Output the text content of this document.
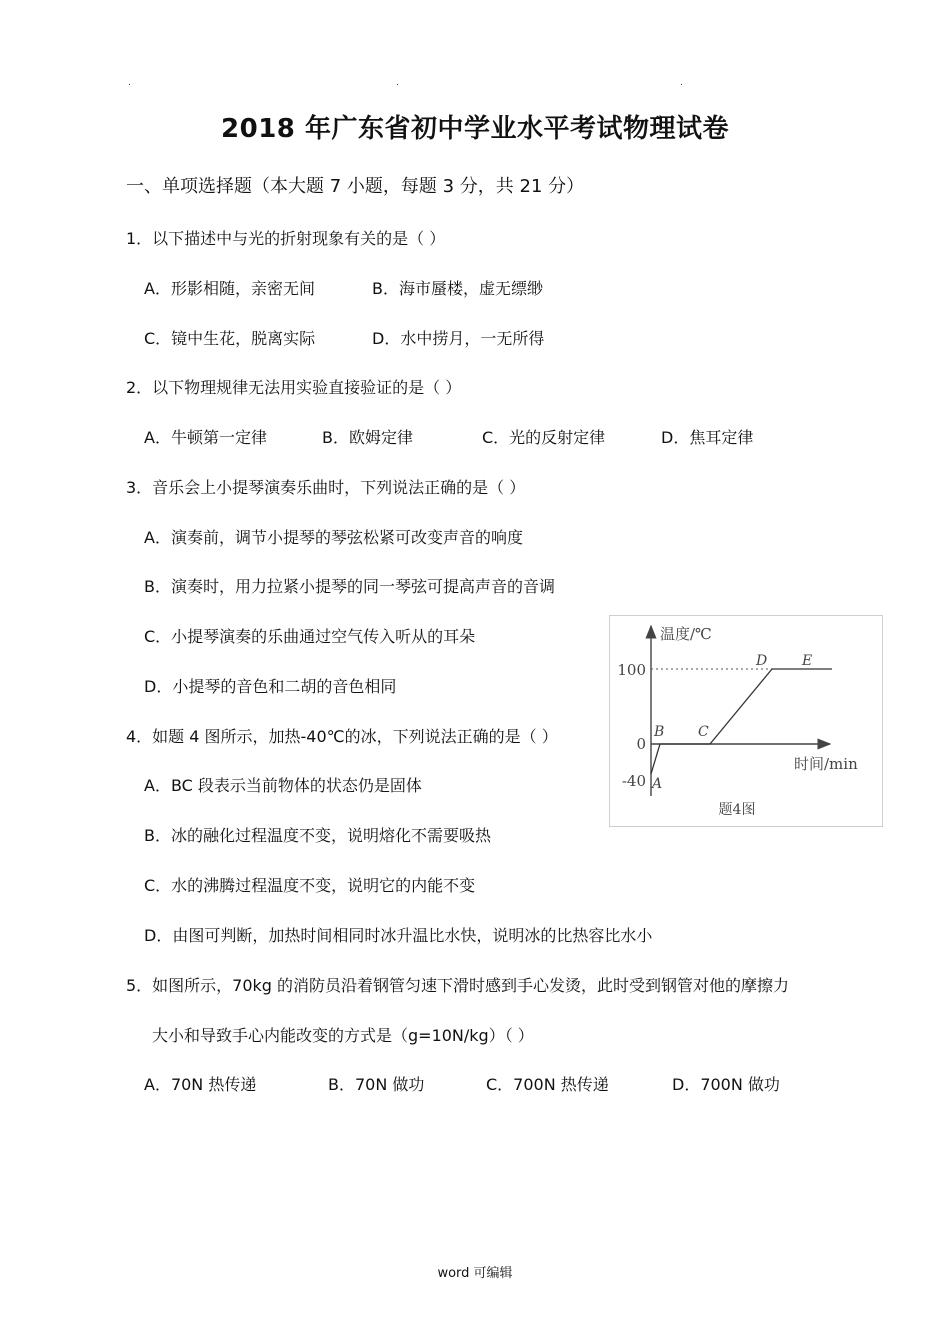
.	.	.
2018 年广东省初中学业水平考试物理试卷
一、单项选择题（本大题 7 小题，每题 3 分，共 21 分）
1．以下描述中与光的折射现象有关的是（ ）
A．形影相随，亲密无间	B．海市蜃楼，虚无缥缈
C．镜中生花，脱离实际	D．水中捞月，一无所得
2．以下物理规律无法用实验直接验证的是（ ）
A．牛顿第一定律	B．欧姆定律	C．光的反射定律	D．焦耳定律
3．音乐会上小提琴演奏乐曲时，下列说法正确的是（ ）
A．演奏前，调节小提琴的琴弦松紧可改变声音的响度
B．演奏时，用力拉紧小提琴的同一琴弦可提高声音的音调
C．小提琴演奏的乐曲通过空气传入听从的耳朵
D．小提琴的音色和二胡的音色相同
4．如题 4 图所示，加热-40℃的冰，下列说法正确的是（ ）
A．BC 段表示当前物体的状态仍是固体
B．冰的融化过程温度不变，说明熔化不需要吸热
C．水的沸腾过程温度不变，说明它的内能不变
D．由图可判断，加热时间相同时冰升温比水快，说明冰的比热容比水小
温度/℃
时间/min
100
0
-40 A
B C
D E
题4图
5．如图所示，70kg 的消防员沿着钢管匀速下滑时感到手心发烫，此时受到钢管对他的摩擦力
大小和导致手心内能改变的方式是（g=10N/kg）（ ）
A．70N 热传递	B．70N 做功	C．700N 热传递	D．700N 做功
word 可编辑
